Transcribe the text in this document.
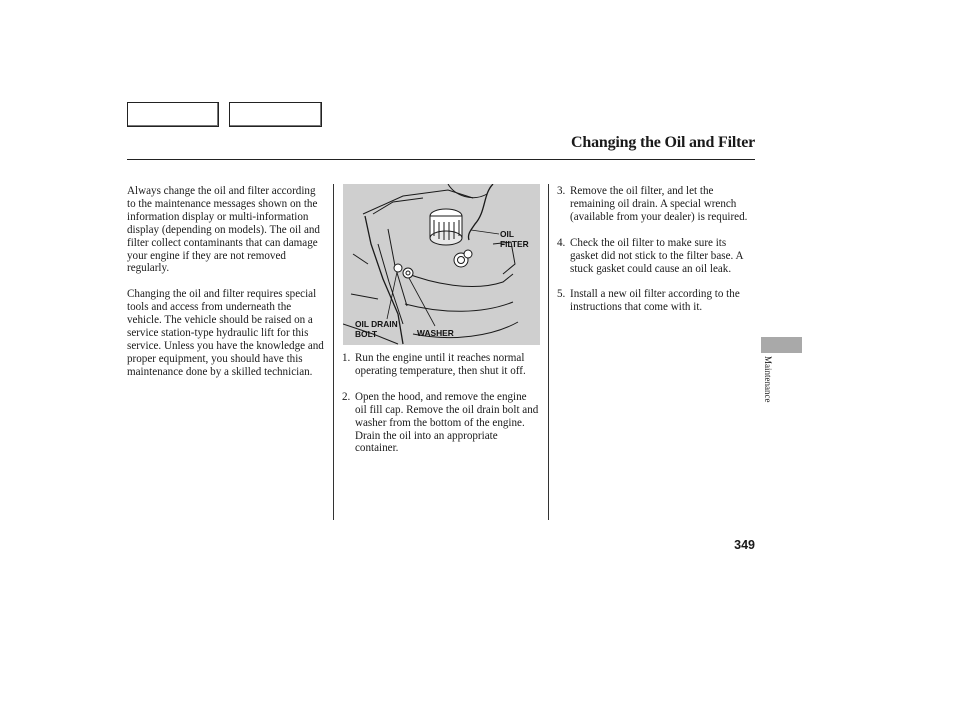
Changing the Oil and Filter

Always change the oil and filter according to the maintenance messages shown on the information display or multi-information display (depending on models). The oil and filter collect contaminants that can damage your engine if they are not removed regularly.

Changing the oil and filter requires special tools and access from underneath the vehicle. The vehicle should be raised on a service station-type hydraulic lift for this service. Unless you have the knowledge and proper equipment, you should have this maintenance done by a skilled technician.

OIL
FILTER
OIL DRAIN
BOLT	WASHER
1. Run the engine until it reaches normal operating temperature, then shut it off.
2. Open the hood, and remove the engine oil fill cap. Remove the oil drain bolt and washer from the bottom of the engine. Drain the oil into an appropriate container.
3. Remove the oil filter, and let the remaining oil drain. A special wrench (available from your dealer) is required.
4. Check the oil filter to make sure its gasket did not stick to the filter base. A stuck gasket could cause an oil leak.
5. Install a new oil filter according to the instructions that come with it.
Maintenance
349
